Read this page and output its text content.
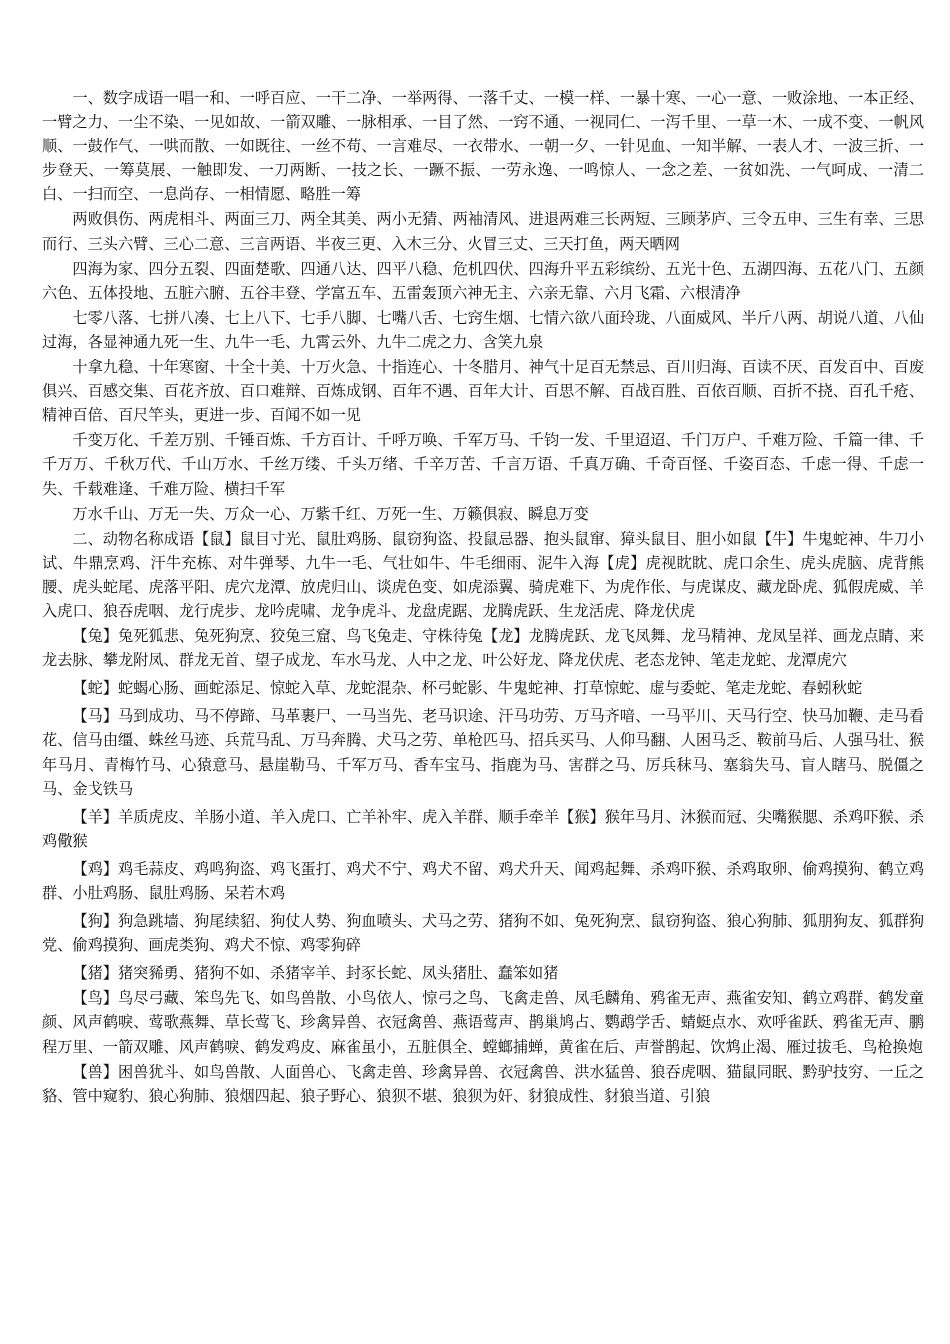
一、数字成语一唱一和、一呼百应、一干二净、一举两得、一落千丈、一模一样、一暴十寒、一心一意、一败涂地、一本正经、一臂之力、一尘不染、一见如故、一箭双雕、一脉相承、一目了然、一窍不通、一视同仁、一泻千里、一草一木、一成不变、一帆风顺、一鼓作气、一哄而散、一如既往、一丝不苟、一言难尽、一衣带水、一朝一夕、一针见血、一知半解、一表人才、一波三折、一步登天、一筹莫展、一触即发、一刀两断、一技之长、一蹶不振、一劳永逸、一鸣惊人、一念之差、一贫如洗、一气呵成、一清二白、一扫而空、一息尚存、一相情愿、略胜一筹

两败俱伤、两虎相斗、两面三刀、两全其美、两小无猜、两袖清风、进退两难三长两短、三顾茅庐、三令五申、三生有幸、三思而行、三头六臂、三心二意、三言两语、半夜三更、入木三分、火冒三丈、三天打鱼，两天晒网

四海为家、四分五裂、四面楚歌、四通八达、四平八稳、危机四伏、四海升平五彩缤纷、五光十色、五湖四海、五花八门、五颜六色、五体投地、五脏六腑、五谷丰登、学富五车、五雷轰顶六神无主、六亲无靠、六月飞霜、六根清净

七零八落、七拼八凑、七上八下、七手八脚、七嘴八舌、七窍生烟、七情六欲八面玲珑、八面威风、半斤八两、胡说八道、八仙过海，各显神通九死一生、九牛一毛、九霄云外、九牛二虎之力、含笑九泉

十拿九稳、十年寒窗、十全十美、十万火急、十指连心、十冬腊月、神气十足百无禁忌、百川归海、百读不厌、百发百中、百废俱兴、百感交集、百花齐放、百口难辩、百炼成钢、百年不遇、百年大计、百思不解、百战百胜、百依百顺、百折不挠、百孔千疮、精神百倍、百尺竿头，更进一步、百闻不如一见

千变万化、千差万别、千锤百炼、千方百计、千呼万唤、千军万马、千钧一发、千里迢迢、千门万户、千难万险、千篇一律、千千万万、千秋万代、千山万水、千丝万缕、千头万绪、千辛万苦、千言万语、千真万确、千奇百怪、千姿百态、千虑一得、千虑一失、千载难逢、千难万险、横扫千军

万水千山、万无一失、万众一心、万紫千红、万死一生、万籁俱寂、瞬息万变

二、动物名称成语【鼠】鼠目寸光、鼠肚鸡肠、鼠窃狗盗、投鼠忌器、抱头鼠窜、獐头鼠目、胆小如鼠【牛】牛鬼蛇神、牛刀小试、牛鼎烹鸡、汗牛充栋、对牛弹琴、九牛一毛、气壮如牛、牛毛细雨、泥牛入海【虎】虎视眈眈、虎口余生、虎头虎脑、虎背熊腰、虎头蛇尾、虎落平阳、虎穴龙潭、放虎归山、谈虎色变、如虎添翼、骑虎难下、为虎作伥、与虎谋皮、藏龙卧虎、狐假虎威、羊入虎口、狼吞虎咽、龙行虎步、龙吟虎啸、龙争虎斗、龙盘虎踞、龙腾虎跃、生龙活虎、降龙伏虎

【兔】兔死狐悲、兔死狗烹、狡兔三窟、鸟飞兔走、守株待兔【龙】龙腾虎跃、龙飞凤舞、龙马精神、龙凤呈祥、画龙点睛、来龙去脉、攀龙附凤、群龙无首、望子成龙、车水马龙、人中之龙、叶公好龙、降龙伏虎、老态龙钟、笔走龙蛇、龙潭虎穴

【蛇】蛇蝎心肠、画蛇添足、惊蛇入草、龙蛇混杂、杯弓蛇影、牛鬼蛇神、打草惊蛇、虚与委蛇、笔走龙蛇、春蚓秋蛇

【马】马到成功、马不停蹄、马革裹尸、一马当先、老马识途、汗马功劳、万马齐喑、一马平川、天马行空、快马加鞭、走马看花、信马由缰、蛛丝马迹、兵荒马乱、万马奔腾、犬马之劳、单枪匹马、招兵买马、人仰马翻、人困马乏、鞍前马后、人强马壮、猴年马月、青梅竹马、心猿意马、悬崖勒马、千军万马、香车宝马、指鹿为马、害群之马、厉兵秣马、塞翁失马、盲人瞎马、脱僵之马、金戈铁马

【羊】羊质虎皮、羊肠小道、羊入虎口、亡羊补牢、虎入羊群、顺手牵羊【猴】猴年马月、沐猴而冠、尖嘴猴腮、杀鸡吓猴、杀鸡儆猴

【鸡】鸡毛蒜皮、鸡鸣狗盗、鸡飞蛋打、鸡犬不宁、鸡犬不留、鸡犬升天、闻鸡起舞、杀鸡吓猴、杀鸡取卵、偷鸡摸狗、鹤立鸡群、小肚鸡肠、鼠肚鸡肠、呆若木鸡

【狗】狗急跳墙、狗尾续貂、狗仗人势、狗血喷头、犬马之劳、猪狗不如、兔死狗烹、鼠窃狗盗、狼心狗肺、狐朋狗友、狐群狗党、偷鸡摸狗、画虎类狗、鸡犬不惊、鸡零狗碎

【猪】猪突豨勇、猪狗不如、杀猪宰羊、封豕长蛇、凤头猪肚、蠢笨如猪

【鸟】鸟尽弓藏、笨鸟先飞、如鸟兽散、小鸟依人、惊弓之鸟、飞禽走兽、凤毛麟角、鸦雀无声、燕雀安知、鹤立鸡群、鹤发童颜、风声鹤唳、莺歌燕舞、草长莺飞、珍禽异兽、衣冠禽兽、燕语莺声、鹊巢鸠占、鹦鹉学舌、蜻蜓点水、欢呼雀跃、鸦雀无声、鹏程万里、一箭双雕、风声鹤唳、鹤发鸡皮、麻雀虽小，五脏俱全、螳螂捕蝉，黄雀在后、声誉鹊起、饮鸩止渴、雁过拔毛、鸟枪换炮

【兽】困兽犹斗、如鸟兽散、人面兽心、飞禽走兽、珍禽异兽、衣冠禽兽、洪水猛兽、狼吞虎咽、猫鼠同眠、黔驴技穷、一丘之貉、管中窥豹、狼心狗肺、狼烟四起、狼子野心、狼狈不堪、狼狈为奸、豺狼成性、豺狼当道、引狼
